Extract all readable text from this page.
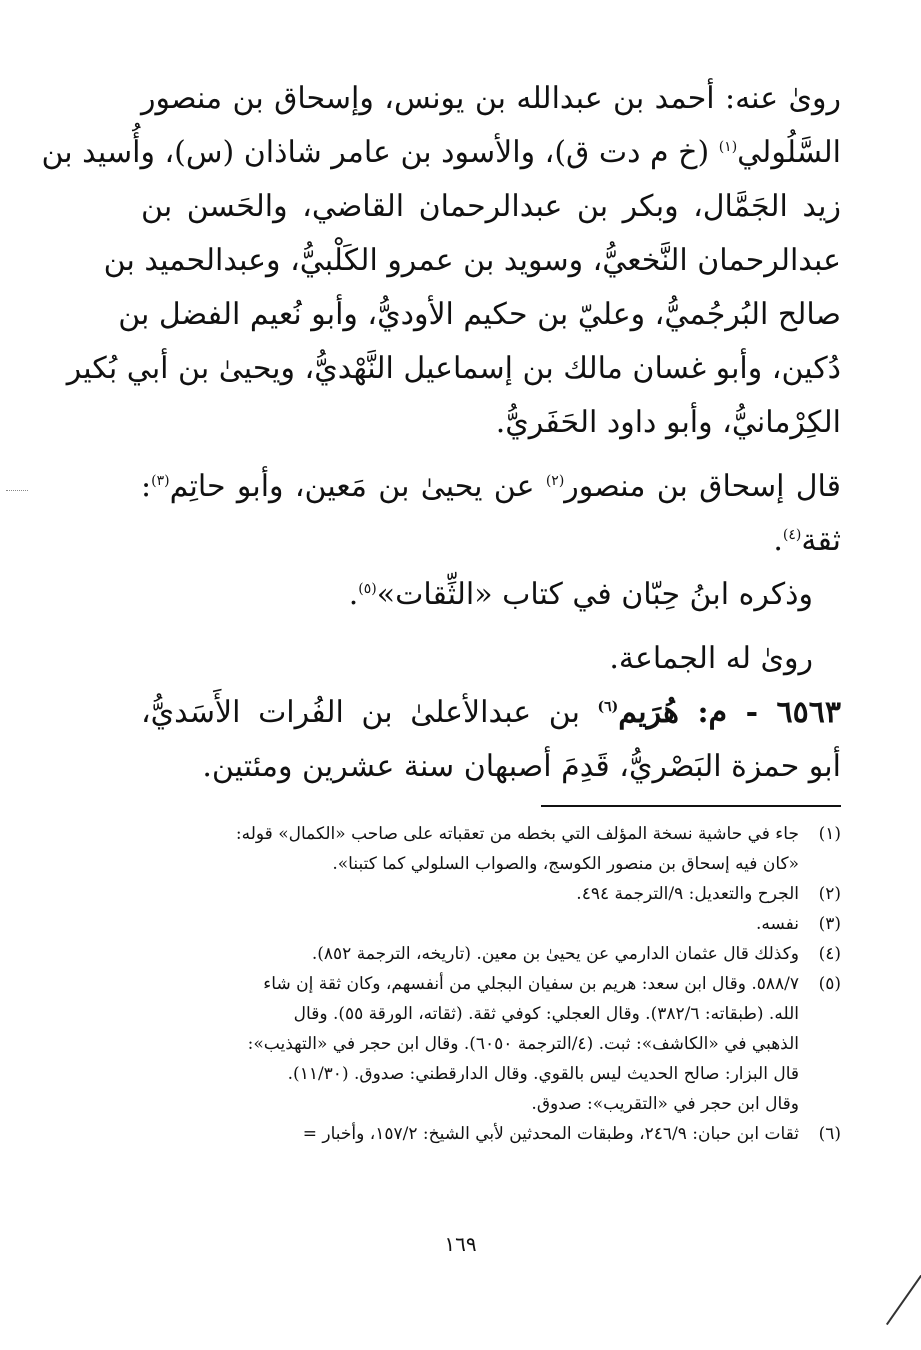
رویٰ عنه: أحمد بن عبدالله بن يونس، وإسحاق بن منصور
السَّلُولي$^{(١)}$ (خ م دت ق)، والأسود بن عامر شاذان (س)، وأُسيد بن
زيد الجَمَّال، وبكر بن عبدالرحمان القاضي، والحَسن بن
عبدالرحمان النَّخعيُّ، وسويد بن عمرو الكَلْبيُّ، وعبدالحميد بن
صالح البُرجُميُّ، وعليّ بن حكيم الأوديُّ، وأبو نُعيم الفضل بن
دُكين، وأبو غسان مالك بن إسماعيل النَّهْديُّ، ويحيىٰ بن أبي بُكير
الكِرْمانيُّ، وأبو داود الحَفَريُّ.
قال إسحاق بن منصور$^{(٢)}$ عن يحيىٰ بن مَعين، وأبو حاتِم$^{(٣)}$:
ثقة$^{(٤)}$.
وذكره ابنُ حِبّان في كتاب «الثِّقات»$^{(٥)}$.
روىٰ له الجماعة.
٦٥٦٣ - م: هُرَيم$^{(٦)}$ بن عبدالأعلىٰ بن الفُرات الأَسَديُّ،
أبو حمزة البَصْريُّ، قَدِمَ أصبهان سنة عشرين ومئتين.
(١)
جاء في حاشية نسخة المؤلف التي بخطه من تعقباته على صاحب «الكمال» قوله:
«كان فيه إسحاق بن منصور الكوسج، والصواب السلولي كما كتبنا».
(٢)
الجرح والتعديل: ٩/الترجمة ٤٩٤.
(٣)
نفسه.
(٤)
وكذلك قال عثمان الدارمي عن يحيىٰ بن معين. (تاريخه، الترجمة ٨٥٢).
(٥)
٥٨٨/٧. وقال ابن سعد: هريم بن سفيان البجلي من أنفسهم، وكان ثقة إن شاء
الله. (طبقاته: ٣٨٢/٦). وقال العجلي: كوفي ثقة. (ثقاته، الورقة ٥٥). وقال
الذهبي في «الكاشف»: ثبت. (٤/الترجمة ٦٠٥٠). وقال ابن حجر في «التهذيب»:
قال البزار: صالح الحديث ليس بالقوي. وقال الدارقطني: صدوق. (١١/٣٠).
وقال ابن حجر في «التقريب»: صدوق.
(٦)
ثقات ابن حبان: ٢٤٦/٩، وطبقات المحدثين لأبي الشيخ: ١٥٧/٢، وأخبار =
١٦٩
